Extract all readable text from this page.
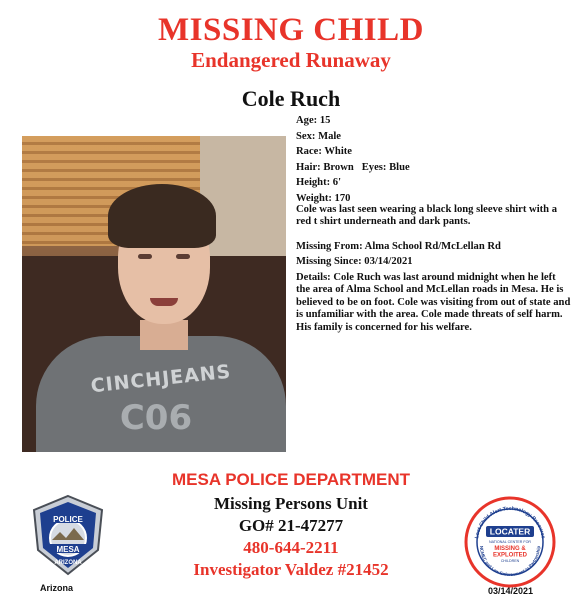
MISSING CHILD
Endangered Runaway
Cole Ruch
CINCHJEANS
C06
Age: 15
Sex: Male
Race: White
Hair: Brown   Eyes: Blue
Height: 6'
Weight: 170
Cole was last seen wearing a black long sleeve shirt with a red t shirt underneath and dark pants.
Missing From: Alma School Rd/McLellan Rd
Missing Since: 03/14/2021
Details: Cole Ruch was last around midnight when he left the area of Alma School and McLellan roads in Mesa. He is believed to be on foot. Cole was visiting from out of state and is unfamiliar with the area. Cole made threats of self harm. His family is concerned for his welfare.
POLICE
MESA
ARIZONA
Arizona
MESA POLICE DEPARTMENT
Missing Persons Unit
GO# 21-47277
480-644-2211
Investigator Valdez #21452
Lost Child Alert Technology Resource
LOCATER
NATIONAL CENTER FOR
MISSING &
EXPLOITED
CHILDREN
NCMEC and Law Enforcement in Partnership
03/14/2021
